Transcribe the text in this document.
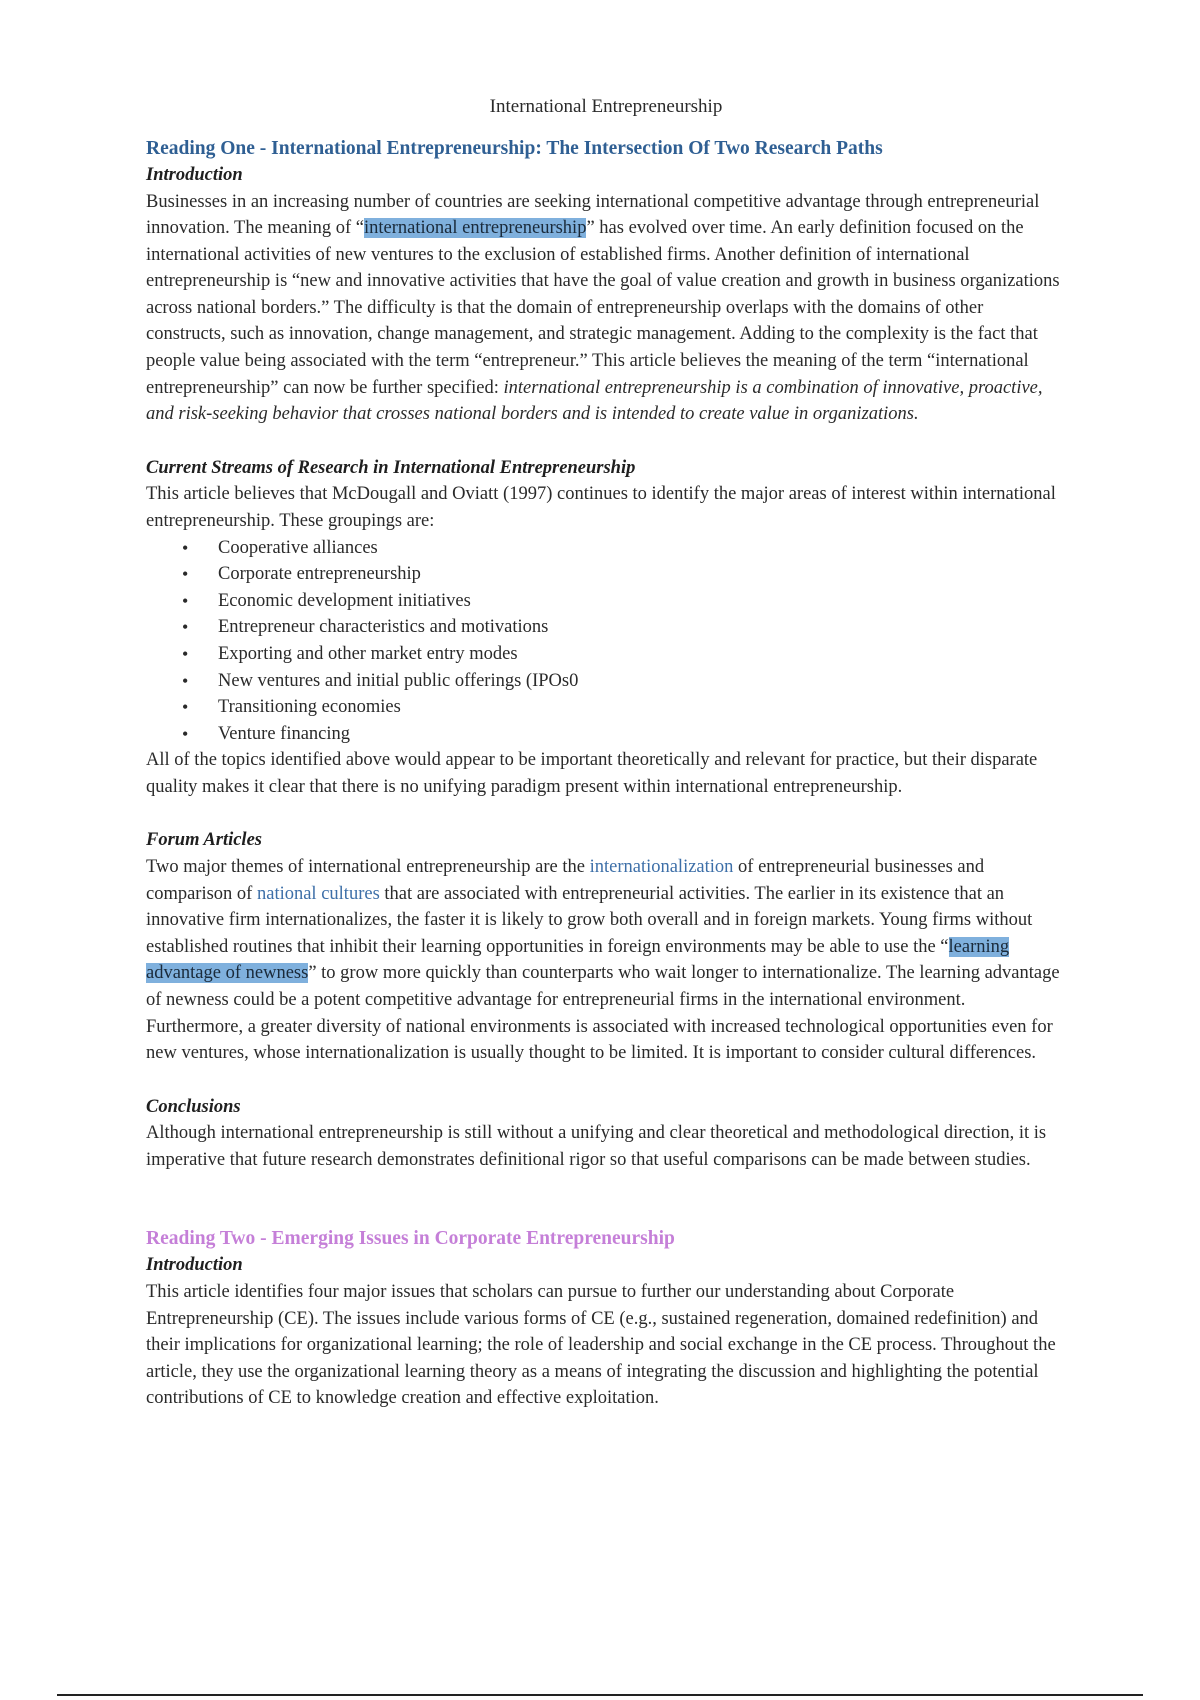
International Entrepreneurship
Reading One - International Entrepreneurship: The Intersection Of Two Research Paths
Introduction

Businesses in an increasing number of countries are seeking international competitive advantage through entrepreneurial innovation. The meaning of “international entrepreneurship” has evolved over time. An early definition focused on the international activities of new ventures to the exclusion of established firms. Another definition of international entrepreneurship is “new and innovative activities that have the goal of value creation and growth in business organizations across national borders.” The difficulty is that the domain of entrepreneurship overlaps with the domains of other constructs, such as innovation, change management, and strategic management. Adding to the complexity is the fact that people value being associated with the term “entrepreneur.” This article believes the meaning of the term “international entrepreneurship” can now be further specified: international entrepreneurship is a combination of innovative, proactive, and risk-seeking behavior that crosses national borders and is intended to create value in organizations.

Current Streams of Research in International Entrepreneurship

This article believes that McDougall and Oviatt (1997) continues to identify the major areas of interest within international entrepreneurship. These groupings are:

• Cooperative alliances
• Corporate entrepreneurship
• Economic development initiatives
• Entrepreneur characteristics and motivations
• Exporting and other market entry modes
• New ventures and initial public offerings (IPOs0
• Transitioning economies
• Venture financing

All of the topics identified above would appear to be important theoretically and relevant for practice, but their disparate quality makes it clear that there is no unifying paradigm present within international entrepreneurship.

Forum Articles

Two major themes of international entrepreneurship are the internationalization of entrepreneurial businesses and comparison of national cultures that are associated with entrepreneurial activities. The earlier in its existence that an innovative firm internationalizes, the faster it is likely to grow both overall and in foreign markets. Young firms without established routines that inhibit their learning opportunities in foreign environments may be able to use the “learning advantage of newness” to grow more quickly than counterparts who wait longer to internationalize. The learning advantage of newness could be a potent competitive advantage for entrepreneurial firms in the international environment. Furthermore, a greater diversity of national environments is associated with increased technological opportunities even for new ventures, whose internationalization is usually thought to be limited. It is important to consider cultural differences.

Conclusions

Although international entrepreneurship is still without a unifying and clear theoretical and methodological direction, it is imperative that future research demonstrates definitional rigor so that useful comparisons can be made between studies.

Reading Two - Emerging Issues in Corporate Entrepreneurship
Introduction

This article identifies four major issues that scholars can pursue to further our understanding about Corporate Entrepreneurship (CE). The issues include various forms of CE (e.g., sustained regeneration, domained redefinition) and their implications for organizational learning; the role of leadership and social exchange in the CE process. Throughout the article, they use the organizational learning theory as a means of integrating the discussion and highlighting the potential contributions of CE to knowledge creation and effective exploitation.
